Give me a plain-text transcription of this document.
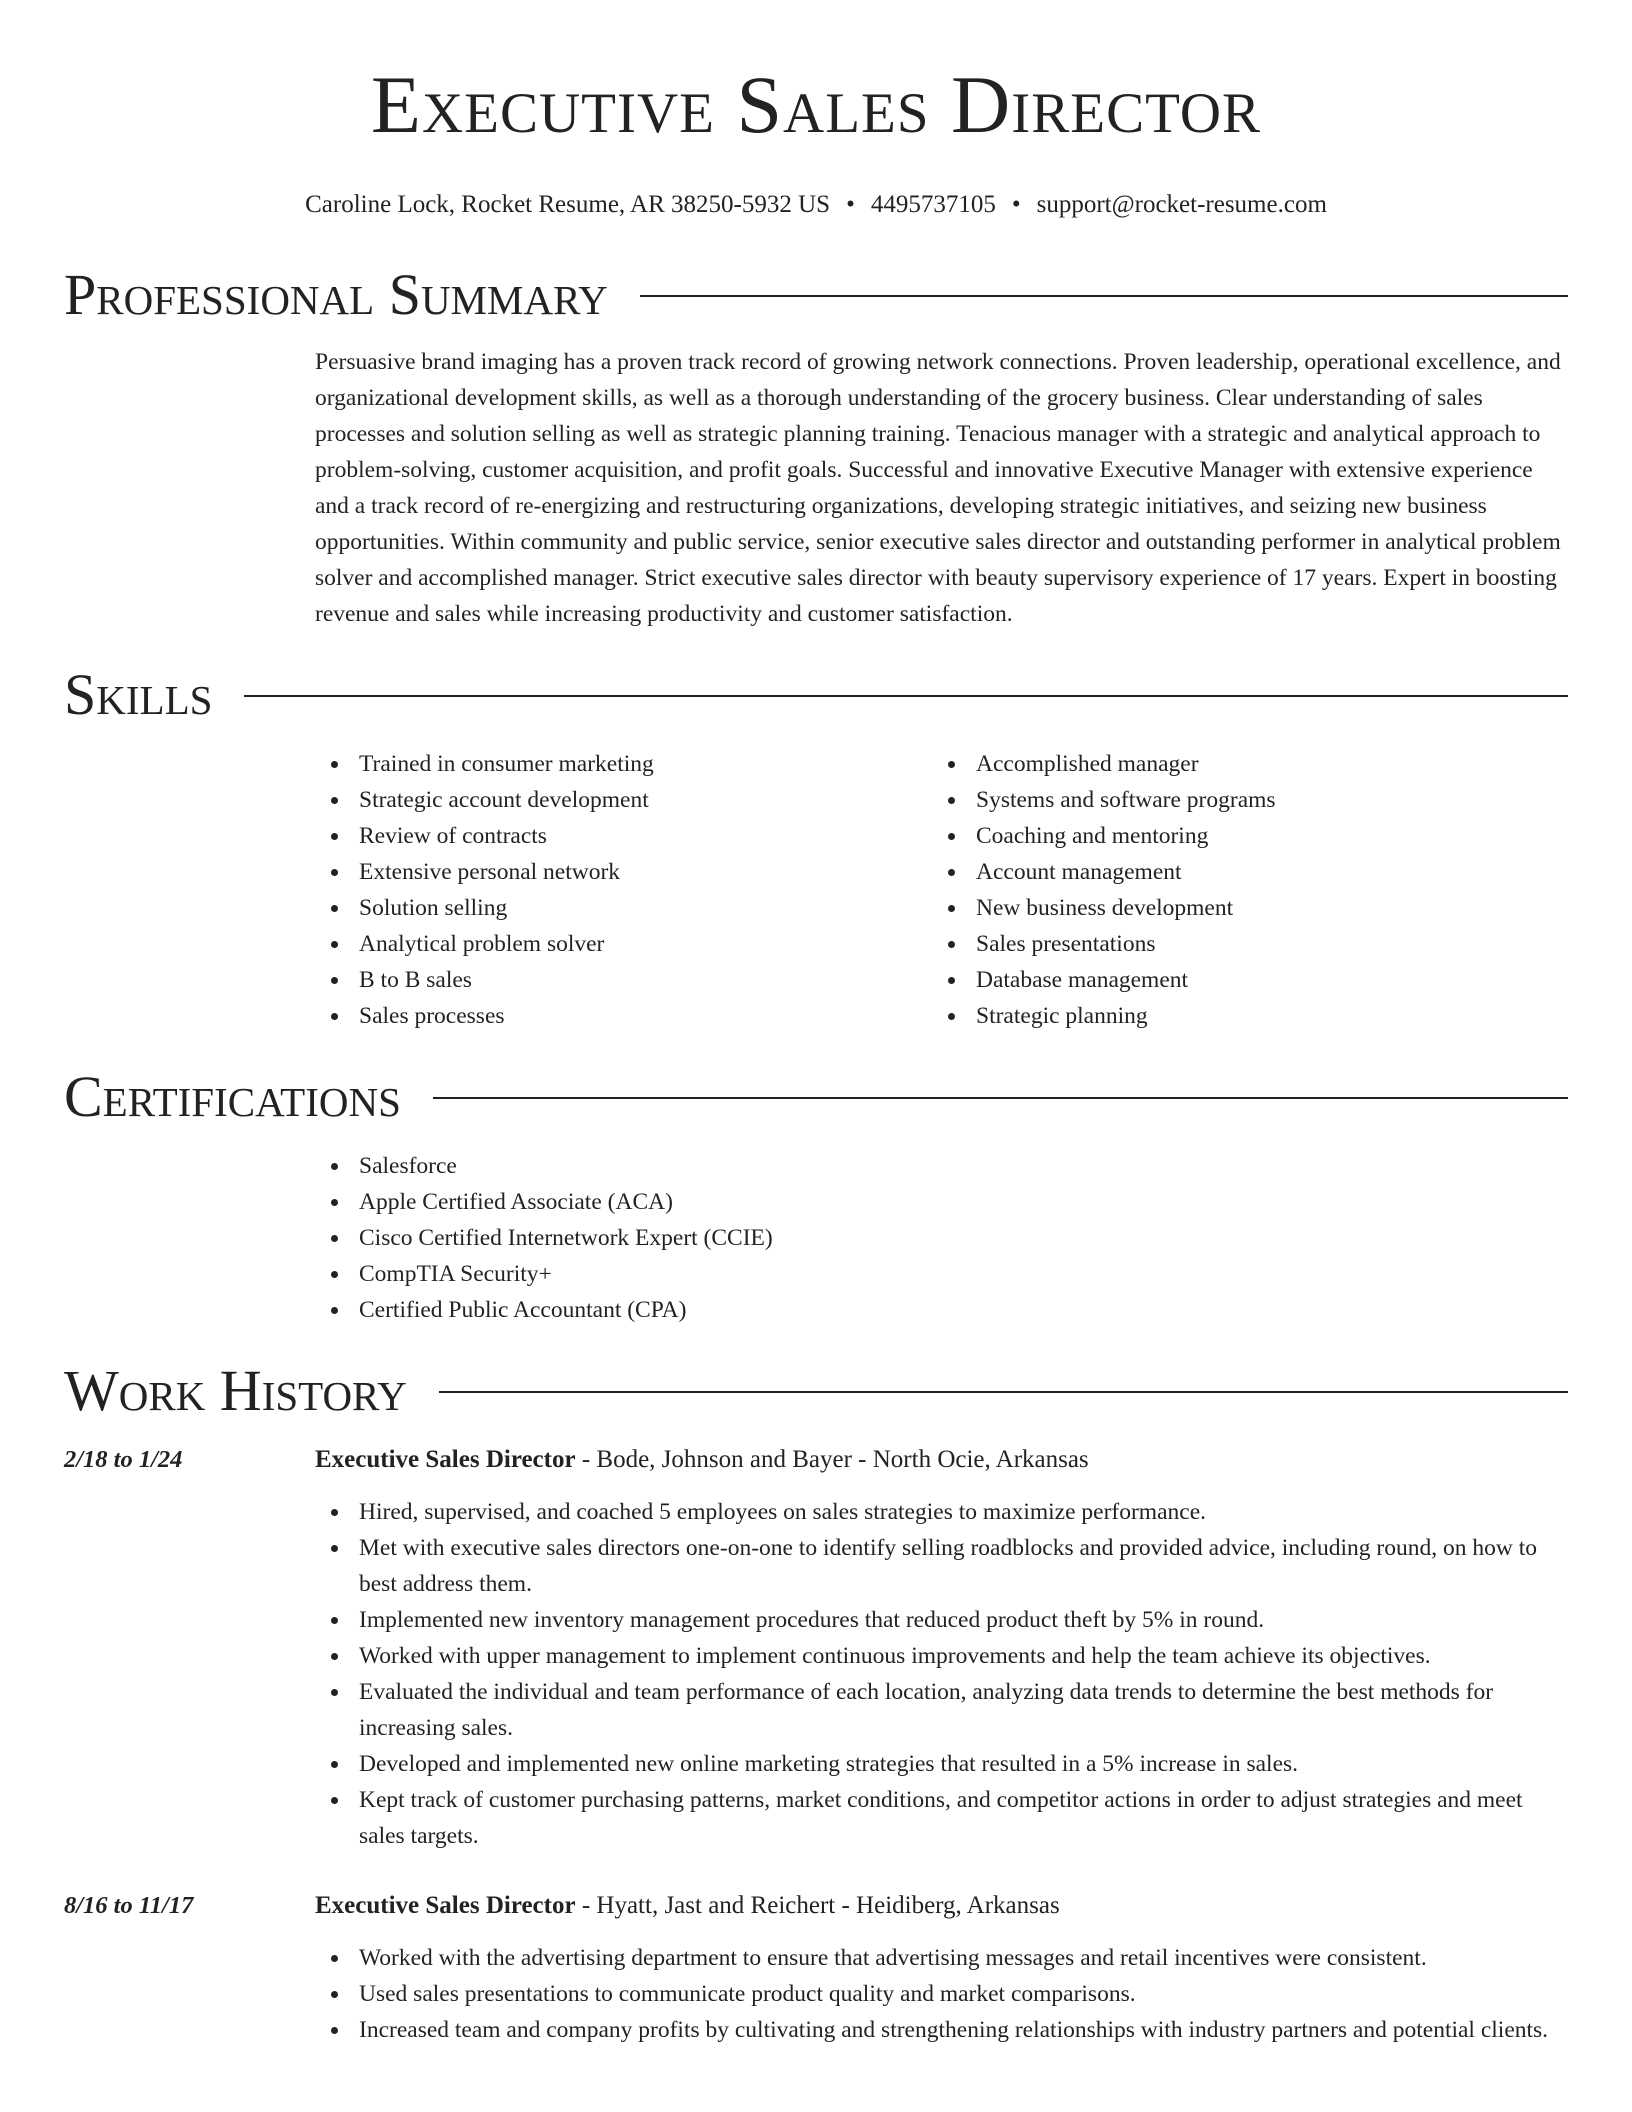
Executive Sales Director
Caroline Lock, Rocket Resume, AR 38250-5932 US • 4495737105 • support@rocket-resume.com
Professional Summary
Persuasive brand imaging has a proven track record of growing network connections. Proven leadership, operational excellence, and organizational development skills, as well as a thorough understanding of the grocery business. Clear understanding of sales processes and solution selling as well as strategic planning training. Tenacious manager with a strategic and analytical approach to problem-solving, customer acquisition, and profit goals. Successful and innovative Executive Manager with extensive experience and a track record of re-energizing and restructuring organizations, developing strategic initiatives, and seizing new business opportunities. Within community and public service, senior executive sales director and outstanding performer in analytical problem solver and accomplished manager. Strict executive sales director with beauty supervisory experience of 17 years. Expert in boosting revenue and sales while increasing productivity and customer satisfaction.
Skills
Trained in consumer marketing
Strategic account development
Review of contracts
Extensive personal network
Solution selling
Analytical problem solver
B to B sales
Sales processes
Accomplished manager
Systems and software programs
Coaching and mentoring
Account management
New business development
Sales presentations
Database management
Strategic planning
Certifications
Salesforce
Apple Certified Associate (ACA)
Cisco Certified Internetwork Expert (CCIE)
CompTIA Security+
Certified Public Accountant (CPA)
Work History
2/18 to 1/24	Executive Sales Director - Bode, Johnson and Bayer - North Ocie, Arkansas
Hired, supervised, and coached 5 employees on sales strategies to maximize performance.
Met with executive sales directors one-on-one to identify selling roadblocks and provided advice, including round, on how to best address them.
Implemented new inventory management procedures that reduced product theft by 5% in round.
Worked with upper management to implement continuous improvements and help the team achieve its objectives.
Evaluated the individual and team performance of each location, analyzing data trends to determine the best methods for increasing sales.
Developed and implemented new online marketing strategies that resulted in a 5% increase in sales.
Kept track of customer purchasing patterns, market conditions, and competitor actions in order to adjust strategies and meet sales targets.
8/16 to 11/17	Executive Sales Director - Hyatt, Jast and Reichert - Heidiberg, Arkansas
Worked with the advertising department to ensure that advertising messages and retail incentives were consistent.
Used sales presentations to communicate product quality and market comparisons.
Increased team and company profits by cultivating and strengthening relationships with industry partners and potential clients.
